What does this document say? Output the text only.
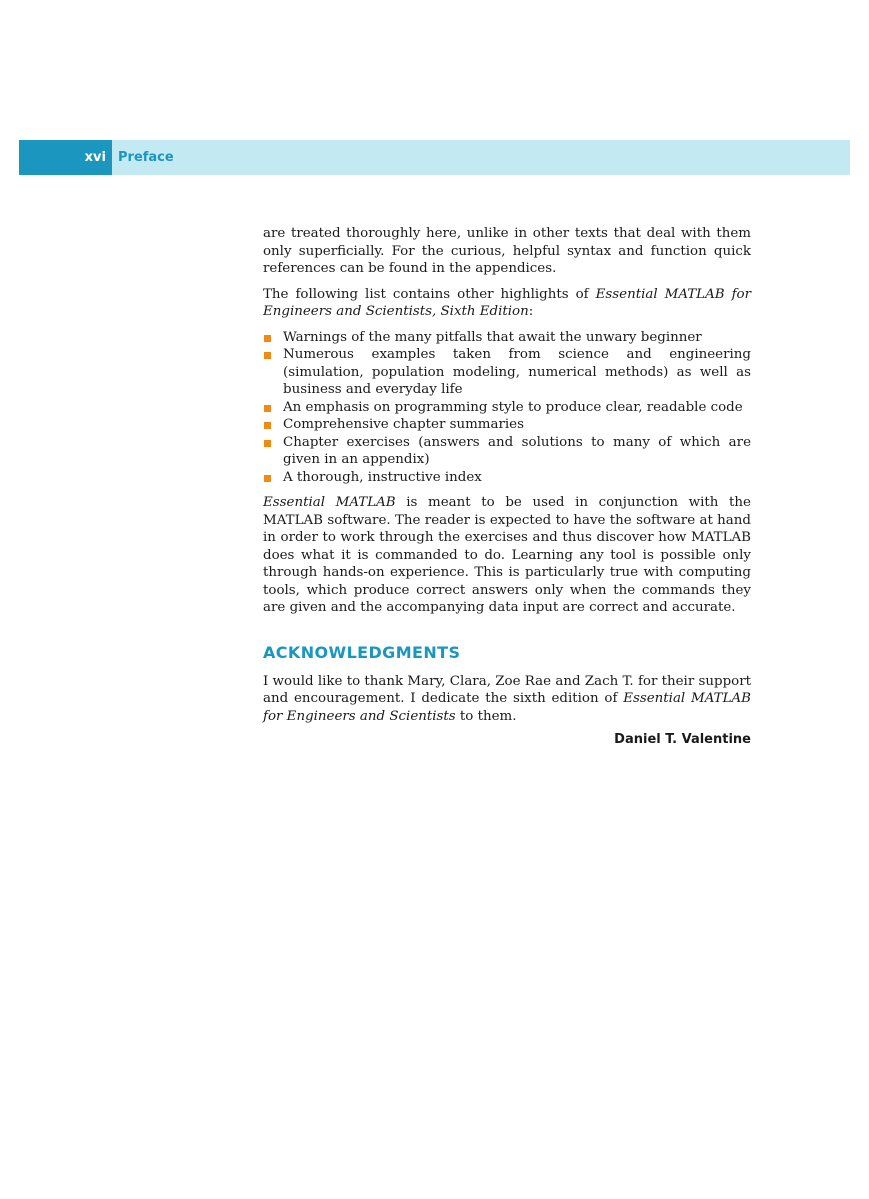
xvi Preface

are treated thoroughly here, unlike in other texts that deal with them only superficially. For the curious, helpful syntax and function quick references can be found in the appendices.

The following list contains other highlights of Essential MATLAB for Engineers and Scientists, Sixth Edition:

Warnings of the many pitfalls that await the unwary beginner
Numerous examples taken from science and engineering (simulation, population modeling, numerical methods) as well as business and everyday life
An emphasis on programming style to produce clear, readable code
Comprehensive chapter summaries
Chapter exercises (answers and solutions to many of which are given in an appendix)
A thorough, instructive index

Essential MATLAB is meant to be used in conjunction with the MATLAB software. The reader is expected to have the software at hand in order to work through the exercises and thus discover how MATLAB does what it is commanded to do. Learning any tool is possible only through hands-on experience. This is particularly true with computing tools, which produce correct answers only when the commands they are given and the accompanying data input are correct and accurate.

ACKNOWLEDGMENTS

I would like to thank Mary, Clara, Zoe Rae and Zach T. for their support and encouragement. I dedicate the sixth edition of Essential MATLAB for Engineers and Scientists to them.

Daniel T. Valentine
